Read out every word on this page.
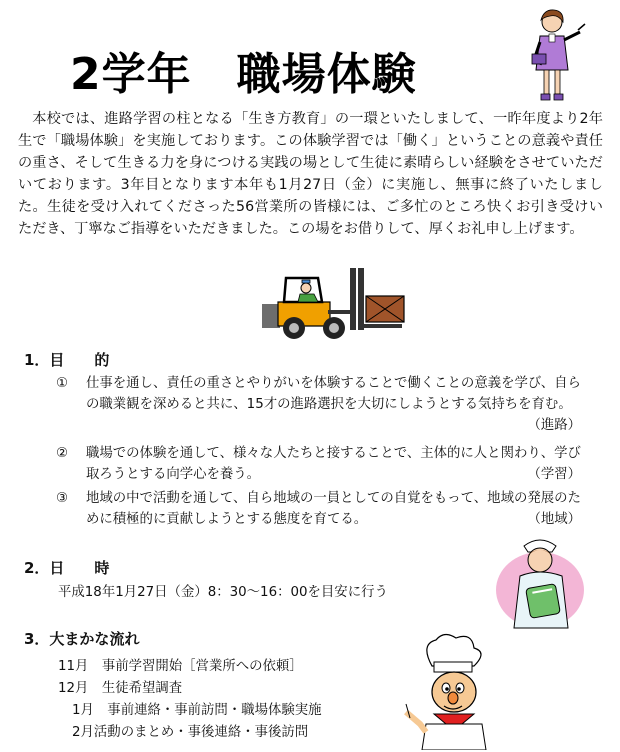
2学年　職場体験

本校では、進路学習の柱となる「生き方教育」の一環といたしまして、一昨年度より2年生で「職場体験」を実施しております。この体験学習では「働く」ということの意義や責任の重さ、そして生きる力を身につける実践の場として生徒に素晴らしい経験をさせていただいております。3年目となります本年も1月27日（金）に実施し、無事に終了いたしました。生徒を受け入れてくださった56営業所の皆様には、ご多忙のところ快くお引き受けいただき、丁寧なご指導をいただきました。この場をお借りして、厚くお礼申し上げます。

1．目　　的
①	仕事を通し、責任の重さとやりがいを体験することで働くことの意義を学び、自らの職業観を深めると共に、15才の進路選択を大切にしようとする気持ちを育む。
（進路）
②	職場での体験を通して、様々な人たちと接することで、主体的に人と関わり、学び取ろうとする向学心を養う。	（学習）
③	地域の中で活動を通して、自ら地域の一員としての自覚をもって、地域の発展のために積極的に貢献しようとする態度を育てる。	（地域）
2．日　　時
平成18年1月27日（金）8：30～16：00を目安に行う
3．大まかな流れ
11月　事前学習開始［営業所への依頼］
12月　生徒希望調査
1月　事前連絡・事前訪問・職場体験実施
2月活動のまとめ・事後連絡・事後訪問
